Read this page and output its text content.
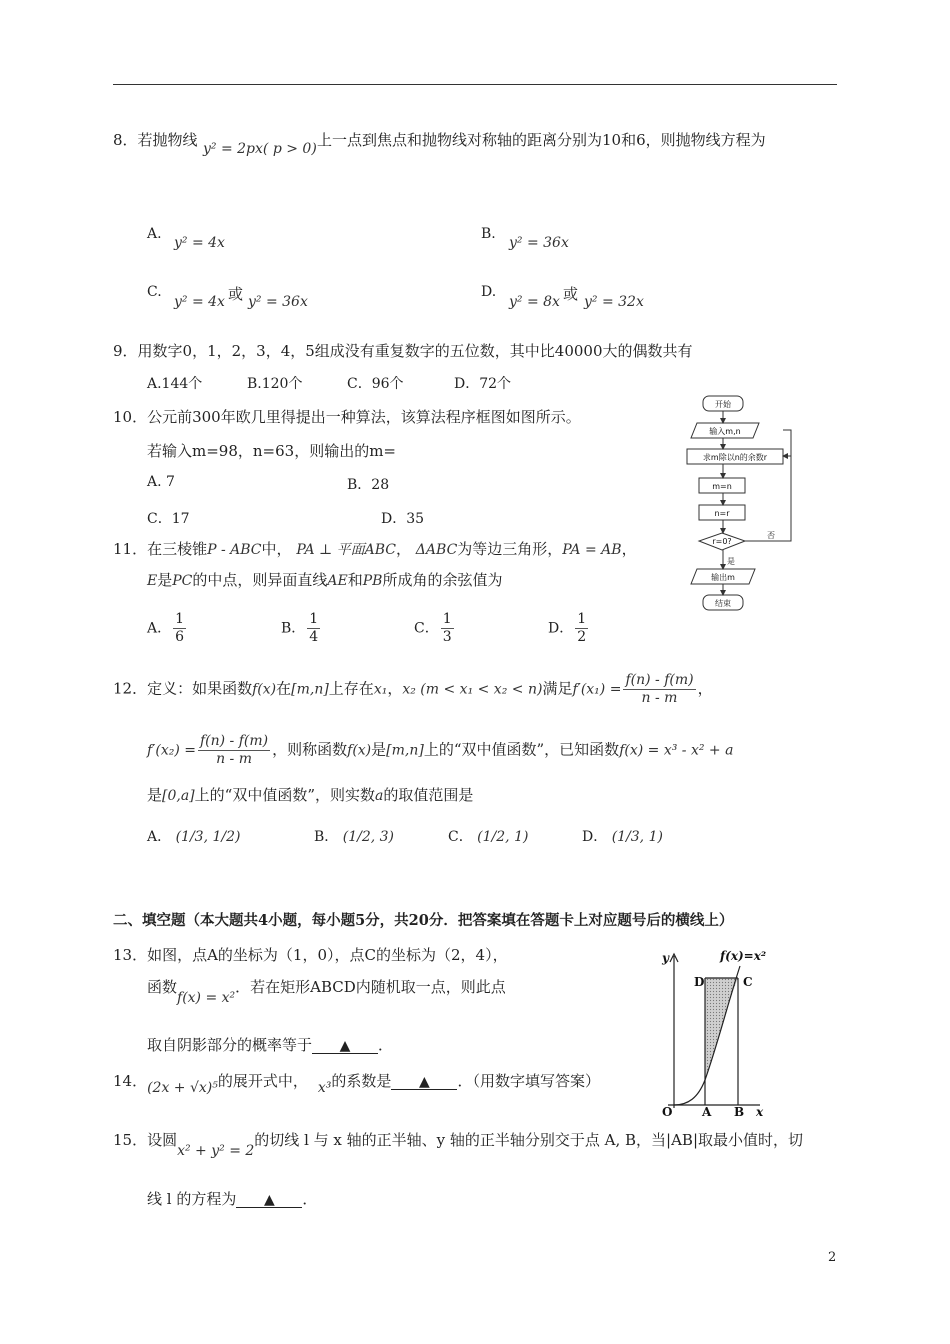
8．若抛物线 y² = 2px( p > 0) 上一点到焦点和抛物线对称轴的距离分别为10和6，则抛物线方程为
A.
y² = 4x
B.
y² = 36x
C.
y² = 4x 或 y² = 36x
D.
y² = 8x 或 y² = 32x
9．用数字0，1，2，3，4，5组成没有重复数字的五位数，其中比40000大的偶数共有
A.144个	B.120个	C．96个	D．72个
10．公元前300年欧几里得提出一种算法，该算法程序框图如图所示。
若输入m=98，n=63，则输出的m=
A. 7	B．28
C．17	D．35
开始
输入m,n
求m除以n的余数r
m=n
n=r
r=0?
否
是
输出m
结束
11．在三棱锥P - ABC中， PA ⊥ 平面ABC， ΔABC为等边三角形，PA = AB，
E是PC的中点，则异面直线AE和PB所成角的余弦值为
A． $\frac{1}{6}$	B． $\frac{1}{4}$	C． $\frac{1}{3}$	D． $\frac{1}{2}$
12．定义：如果函数f(x)在[m,n]上存在x₁，x₂ (m < x₁ < x₂ < n)满足$f'(x_1) = \frac{f(n) - f(m)}{n - m}$ ，
$f'(x_2) = \frac{f(n) - f(m)}{n - m}$ ，则称函数f(x)是[m,n]上的“双中值函数”，已知函数f(x) = x³ - x² + a
是[0,a]上的“双中值函数”，则实数a的取值范围是
A． (1/3, 1/2)	B． (1/2, 3)	C． (1/2, 1)	D． (1/3, 1)
二、填空题（本大题共4小题，每小题5分，共20分．把答案填在答题卡上对应题号后的横线上）
13．如图，点A的坐标为（1，0），点C的坐标为（2，4），
函数f(x) = x²．若在矩形ABCD内随机取一点，则此点
取自阴影部分的概率等于 ▲ ．
f(x)=x²
y
x
O A B
C
D
14．(2x + √x)⁵的展开式中， x³的系数是 ▲ ．（用数字填写答案）
15．设圆x² + y² = 2的切线 l 与 x 轴的正半轴、y 轴的正半轴分别交于点 A, B，当|AB|取最小值时，切
线 l 的方程为 ▲ ．
2
